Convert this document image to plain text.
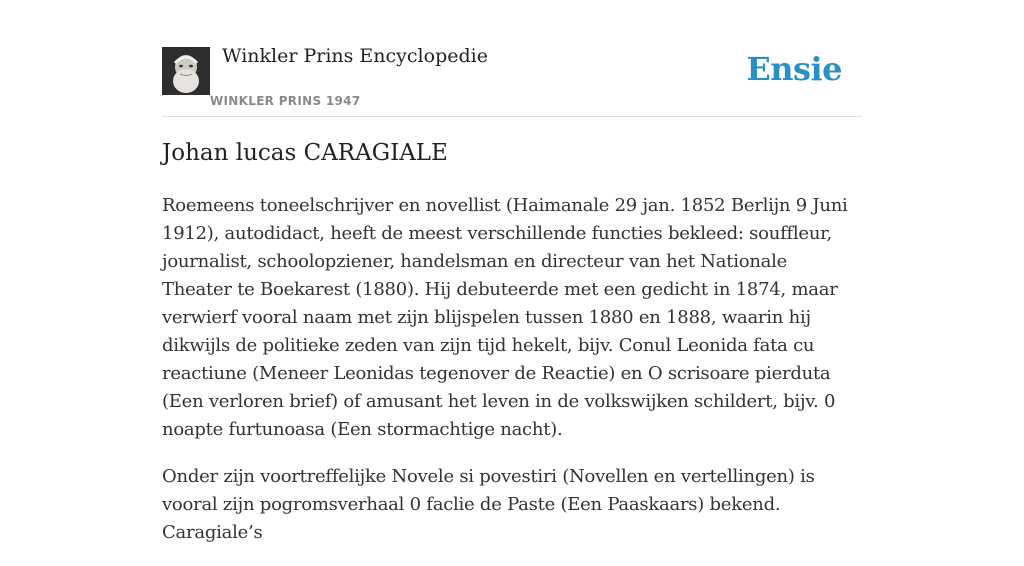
Winkler Prins Encyclopedie
WINKLER PRINS 1947
Ensie
Johan lucas CARAGIALE

Roemeens toneelschrijver en novellist (Haimanale 29 jan. 1852 Berlijn 9 Juni 1912), autodidact, heeft de meest verschillende functies bekleed: souffleur, journalist, schoolopziener, handelsman en directeur van het Nationale Theater te Boekarest (1880). Hij debuteerde met een gedicht in 1874, maar verwierf vooral naam met zijn blijspelen tussen 1880 en 1888, waarin hij dikwijls de politieke zeden van zijn tijd hekelt, bijv. Conul Leonida fata cu reactiune (Meneer Leonidas tegenover de Reactie) en O scrisoare pierduta (Een verloren brief) of amusant het leven in de volkswijken schildert, bijv. 0 noapte furtunoasa (Een stormachtige nacht).

Onder zijn voortreffelijke Novele si povestiri (Novellen en vertellingen) is vooral zijn pogromsverhaal 0 faclie de Paste (Een Paaskaars) bekend. Caragiale’s
